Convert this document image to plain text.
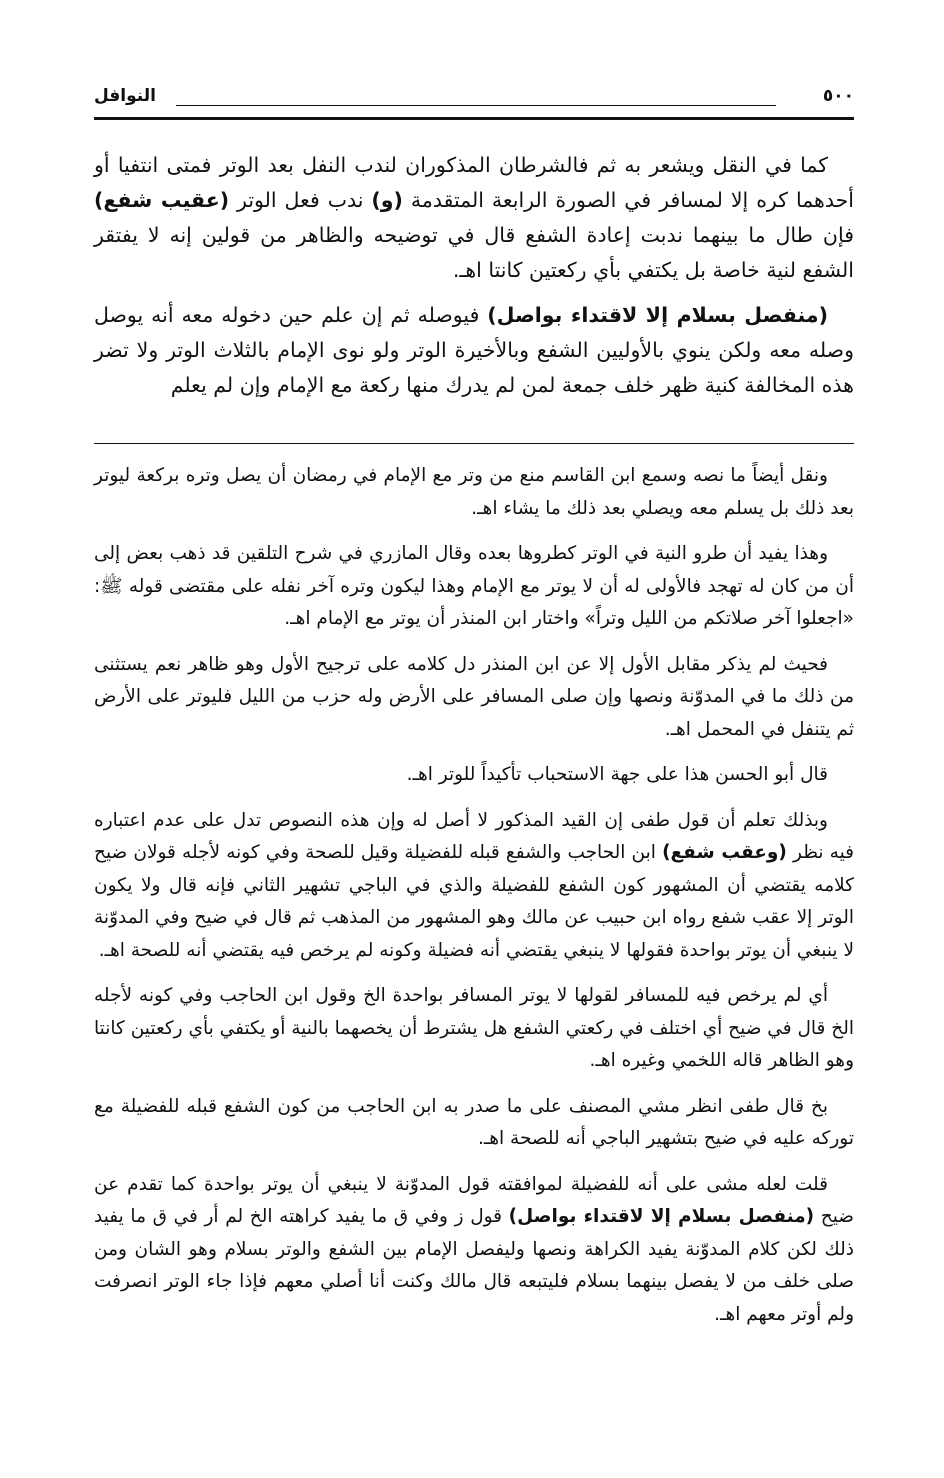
٥٠٠
النوافل

كما في النقل ويشعر به ثم فالشرطان المذكوران لندب النفل بعد الوتر فمتى انتفيا أو أحدهما كره إلا لمسافر في الصورة الرابعة المتقدمة (و) ندب فعل الوتر (عقيب شفع) فإن طال ما بينهما ندبت إعادة الشفع قال في توضيحه والظاهر من قولين إنه لا يفتقر الشفع لنية خاصة بل يكتفي بأي ركعتين كانتا اهـ.

(منفصل بسلام إلا لاقتداء بواصل) فيوصله ثم إن علم حين دخوله معه أنه يوصل وصله معه ولكن ينوي بالأوليين الشفع وبالأخيرة الوتر ولو نوى الإمام بالثلاث الوتر ولا تضر هذه المخالفة كنية ظهر خلف جمعة لمن لم يدرك منها ركعة مع الإمام وإن لم يعلم

ونقل أيضاً ما نصه وسمع ابن القاسم منع من وتر مع الإمام في رمضان أن يصل وتره بركعة ليوتر بعد ذلك بل يسلم معه ويصلي بعد ذلك ما يشاء اهـ.

وهذا يفيد أن طرو النية في الوتر كطروها بعده وقال المازري في شرح التلقين قد ذهب بعض إلى أن من كان له تهجد فالأولى له أن لا يوتر مع الإمام وهذا ليكون وتره آخر نفله على مقتضى قوله ﷺ: «اجعلوا آخر صلاتكم من الليل وتراً» واختار ابن المنذر أن يوتر مع الإمام اهـ.

فحيث لم يذكر مقابل الأول إلا عن ابن المنذر دل كلامه على ترجيح الأول وهو ظاهر نعم يستثنى من ذلك ما في المدوّنة ونصها وإن صلى المسافر على الأرض وله حزب من الليل فليوتر على الأرض ثم يتنفل في المحمل اهـ.

قال أبو الحسن هذا على جهة الاستحباب تأكيداً للوتر اهـ.

وبذلك تعلم أن قول طفى إن القيد المذكور لا أصل له وإن هذه النصوص تدل على عدم اعتباره فيه نظر (وعقب شفع) ابن الحاجب والشفع قبله للفضيلة وقيل للصحة وفي كونه لأجله قولان ضيح كلامه يقتضي أن المشهور كون الشفع للفضيلة والذي في الباجي تشهير الثاني فإنه قال ولا يكون الوتر إلا عقب شفع رواه ابن حبيب عن مالك وهو المشهور من المذهب ثم قال في ضيح وفي المدوّنة لا ينبغي أن يوتر بواحدة فقولها لا ينبغي يقتضي أنه فضيلة وكونه لم يرخص فيه يقتضي أنه للصحة اهـ.

أي لم يرخص فيه للمسافر لقولها لا يوتر المسافر بواحدة الخ وقول ابن الحاجب وفي كونه لأجله الخ قال في ضيح أي اختلف في ركعتي الشفع هل يشترط أن يخصهما بالنية أو يكتفي بأي ركعتين كانتا وهو الظاهر قاله اللخمي وغيره اهـ.

بخ قال طفى انظر مشي المصنف على ما صدر به ابن الحاجب من كون الشفع قبله للفضيلة مع توركه عليه في ضيح بتشهير الباجي أنه للصحة اهـ.

قلت لعله مشى على أنه للفضيلة لموافقته قول المدوّنة لا ينبغي أن يوتر بواحدة كما تقدم عن ضيح (منفصل بسلام إلا لاقتداء بواصل) قول ز وفي ق ما يفيد كراهته الخ لم أر في ق ما يفيد ذلك لكن كلام المدوّنة يفيد الكراهة ونصها وليفصل الإمام بين الشفع والوتر بسلام وهو الشان ومن صلى خلف من لا يفصل بينهما بسلام فليتبعه قال مالك وكنت أنا أصلي معهم فإذا جاء الوتر انصرفت ولم أوتر معهم اهـ.
